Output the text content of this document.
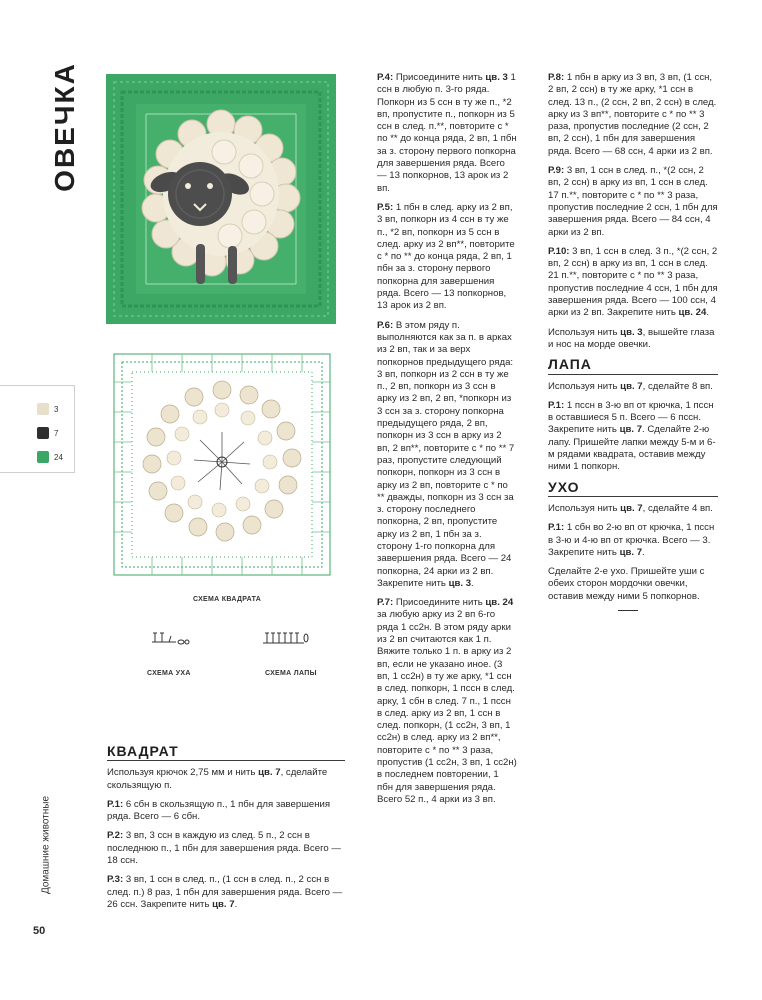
ОВЕЧКА
3
7
24
СХЕМА КВАДРАТА
СХЕМА УХА	СХЕМА ЛАПЫ
КВАДРАТ

Используя крючок 2,75 мм и нить цв. 7, сделайте скользящую п.

Р.1: 6 сбн в скользящую п., 1 пбн для завершения ряда. Всего — 6 сбн.

Р.2: 3 вп, 3 ссн в каждую из след. 5 п., 2 ссн в последнюю п., 1 пбн для завершения ряда. Всего — 18 ссн.

Р.3: 3 вп, 1 ссн в след. п., (1 ссн в след. п., 2 ссн в след. п.) 8 раз, 1 пбн для завершения ряда. Всего — 26 ссн. Закрепите нить цв. 7.

Р.4: Присоедините нить цв. 3 1 ссн в любую п. 3-го ряда. Попкорн из 5 ссн в ту же п., *2 вп, пропустите п., попкорн из 5 ссн в след. п.**, повторите с * по ** до конца ряда, 2 вп, 1 пбн за з. сторону первого попкорна для завершения ряда. Всего — 13 попкорнов, 13 арок из 2 вп.

Р.5: 1 пбн в след. арку из 2 вп, 3 вп, попкорн из 4 ссн в ту же п., *2 вп, попкорн из 5 ссн в след. арку из 2 вп**, повторите с * по ** до конца ряда, 2 вп, 1 пбн за з. сторону первого попкорна для завершения ряда. Всего — 13 попкорнов, 13 арок из 2 вп.

Р.6: В этом ряду п. выполняются как за п. в арках из 2 вп, так и за верх попкорнов предыдущего ряда: 3 вп, попкорн из 2 ссн в ту же п., 2 вп, попкорн из 3 ссн в арку из 2 вп, 2 вп, *попкорн из 3 ссн за з. сторону попкорна предыдущего ряда, 2 вп, попкорн из 3 ссн в арку из 2 вп, 2 вп**, повторите с * по ** 7 раз, пропустите следующий попкорн, попкорн из 3 ссн в арку из 2 вп, повторите с * по ** дважды, попкорн из 3 ссн за з. сторону последнего попкорна, 2 вп, пропустите арку из 2 вп, 1 пбн за з. сторону 1-го попкорна для завершения ряда. Всего — 24 попкорна, 24 арки из 2 вп. Закрепите нить цв. 3.

Р.7: Присоедините нить цв. 24 за любую арку из 2 вп 6-го ряда 1 сс2н. В этом ряду арки из 2 вп считаются как 1 п. Вяжите только 1 п. в арку из 2 вп, если не указано иное. (3 вп, 1 сс2н) в ту же арку, *1 ссн в след. попкорн, 1 пссн в след. арку, 1 сбн в след. 7 п., 1 пссн в след. арку из 2 вп, 1 ссн в след. попкорн, (1 сс2н, 3 вп, 1 сс2н) в след. арку из 2 вп**, повторите с * по ** 3 раза, пропустив (1 сс2н, 3 вп, 1 сс2н) в последнем повторении, 1 пбн для завершения ряда. Всего 52 п., 4 арки из 3 вп.

Р.8: 1 пбн в арку из 3 вп, 3 вп, (1 ссн, 2 вп, 2 ссн) в ту же арку, *1 ссн в след. 13 п., (2 ссн, 2 вп, 2 ссн) в след. арку из 3 вп**, повторите с * по ** 3 раза, пропустив последние (2 ссн, 2 вп, 2 ссн), 1 пбн для завершения ряда. Всего — 68 ссн, 4 арки из 2 вп.

Р.9: 3 вп, 1 ссн в след. п., *(2 ссн, 2 вп, 2 ссн) в арку из вп, 1 ссн в след. 17 п.**, повторите с * по ** 3 раза, пропустив последние 2 ссн, 1 пбн для завершения ряда. Всего — 84 ссн, 4 арки из 2 вп.

Р.10: 3 вп, 1 ссн в след. 3 п., *(2 ссн, 2 вп, 2 ссн) в арку из вп, 1 ссн в след. 21 п.**, повторите с * по ** 3 раза, пропустив последние 4 ссн, 1 пбн для завершения ряда. Всего — 100 ссн, 4 арки из 2 вп. Закрепите нить цв. 24.

Используя нить цв. 3, вышейте глаза и нос на морде овечки.

ЛАПА

Используя нить цв. 7, сделайте 8 вп.

Р.1: 1 пссн в 3-ю вп от крючка, 1 пссн в оставшиеся 5 п. Всего — 6 пссн. Закрепите нить цв. 7. Сделайте 2-ю лапу. Пришейте лапки между 5-м и 6-м рядами квадрата, оставив между ними 1 попкорн.

УХО

Используя нить цв. 7, сделайте 4 вп.

Р.1: 1 сбн во 2-ю вп от крючка, 1 пссн в 3-ю и 4-ю вп от крючка. Всего — 3. Закрепите нить цв. 7.

Сделайте 2-е ухо. Пришейте уши с обеих сторон мордочки овечки, оставив между ними 5 попкорнов.

Домашние животные
50
